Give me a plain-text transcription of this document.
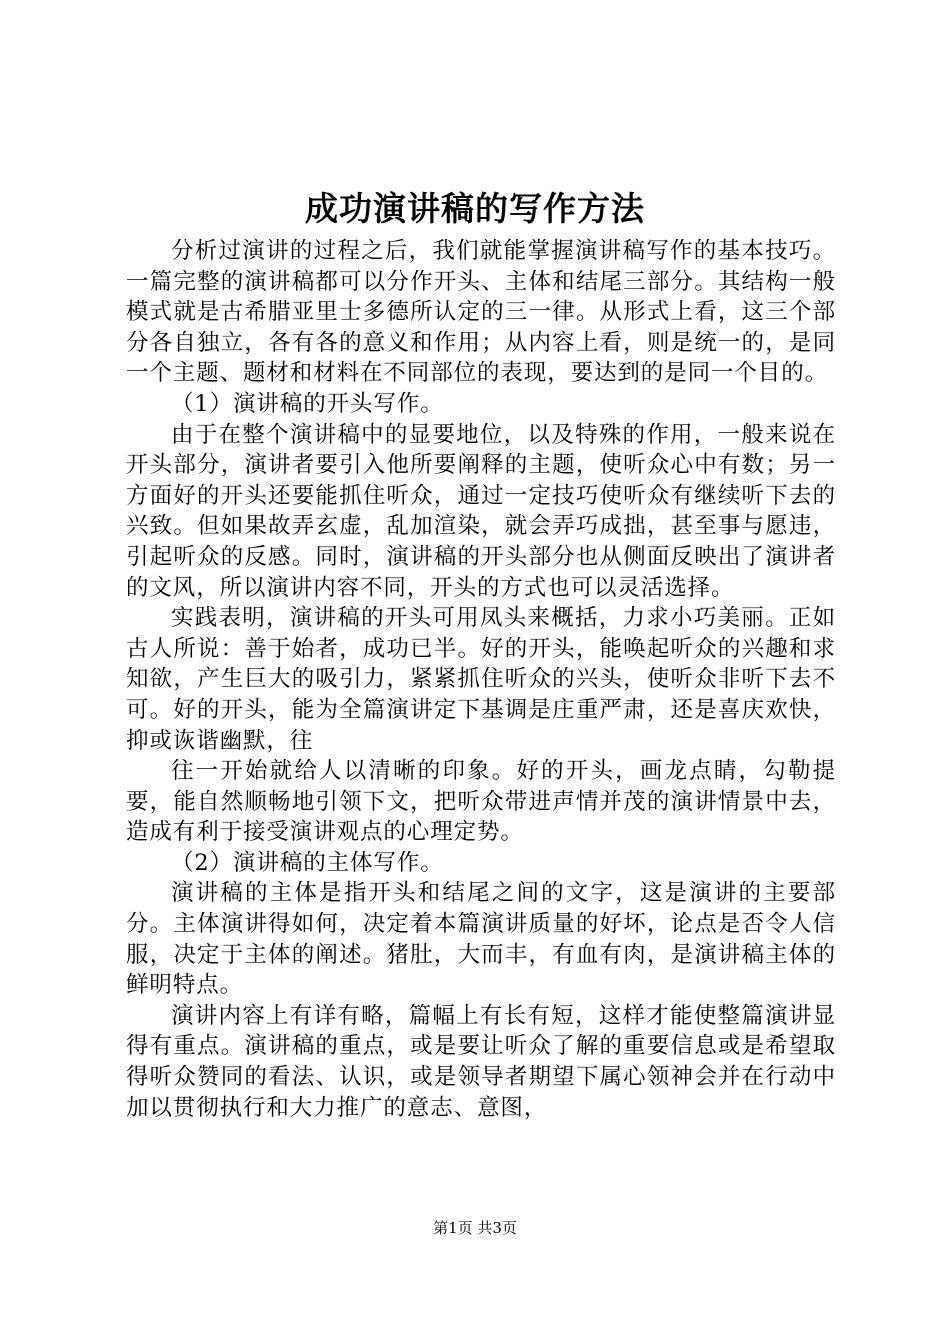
成功演讲稿的写作方法

分析过演讲的过程之后，我们就能掌握演讲稿写作的基本技巧。一篇完整的演讲稿都可以分作开头、主体和结尾三部分。其结构一般模式就是古希腊亚里士多德所认定的三一律。从形式上看，这三个部分各自独立，各有各的意义和作用；从内容上看，则是统一的，是同一个主题、题材和材料在不同部位的表现，要达到的是同一个目的。

（1）演讲稿的开头写作。

由于在整个演讲稿中的显要地位，以及特殊的作用，一般来说在开头部分，演讲者要引入他所要阐释的主题，使听众心中有数；另一方面好的开头还要能抓住听众，通过一定技巧使听众有继续听下去的兴致。但如果故弄玄虚，乱加渲染，就会弄巧成拙，甚至事与愿违，引起听众的反感。同时，演讲稿的开头部分也从侧面反映出了演讲者的文风，所以演讲内容不同，开头的方式也可以灵活选择。

实践表明，演讲稿的开头可用凤头来概括，力求小巧美丽。正如古人所说：善于始者，成功已半。好的开头，能唤起听众的兴趣和求知欲，产生巨大的吸引力，紧紧抓住听众的兴头，使听众非听下去不可。好的开头，能为全篇演讲定下基调是庄重严肃，还是喜庆欢快，抑或诙谐幽默，往

往一开始就给人以清晰的印象。好的开头，画龙点睛，勾勒提要，能自然顺畅地引领下文，把听众带进声情并茂的演讲情景中去，造成有利于接受演讲观点的心理定势。

（2）演讲稿的主体写作。

演讲稿的主体是指开头和结尾之间的文字，这是演讲的主要部分。主体演讲得如何，决定着本篇演讲质量的好坏，论点是否令人信服，决定于主体的阐述。猪肚，大而丰，有血有肉，是演讲稿主体的鲜明特点。

演讲内容上有详有略，篇幅上有长有短，这样才能使整篇演讲显得有重点。演讲稿的重点，或是要让听众了解的重要信息或是希望取得听众赞同的看法、认识，或是领导者期望下属心领神会并在行动中加以贯彻执行和大力推广的意志、意图，

第1页 共3页
